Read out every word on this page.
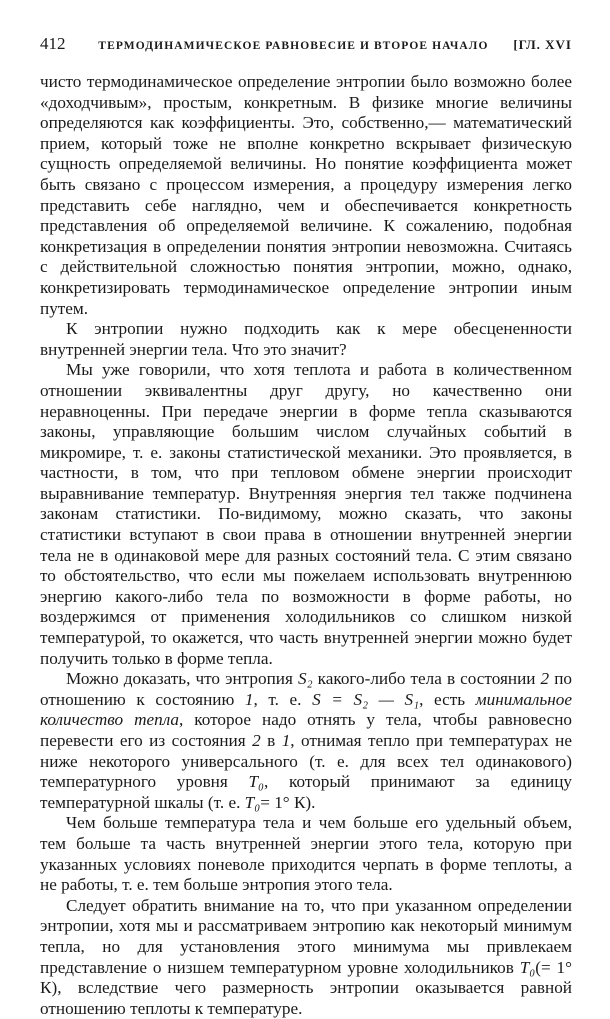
412	ТЕРМОДИНАМИЧЕСКОЕ РАВНОВЕСИЕ И ВТОРОЕ НАЧАЛО	[ГЛ. XVI

чисто термодинамическое определение энтропии было возможно более «доходчивым», простым, конкретным. В физике многие величины определяются как коэффициенты. Это, собственно,— математический прием, который тоже не вполне конкретно вскрывает физическую сущность определяемой величины. Но понятие коэффициента может быть связано с процессом измерения, а процедуру измерения легко представить себе наглядно, чем и обеспечивается конкретность представления об определяемой величине. К сожалению, подобная конкретизация в определении понятия энтропии невозможна. Считаясь с действительной сложностью понятия энтропии, можно, однако, конкретизировать термодинамическое определение энтропии иным путем.

К энтропии нужно подходить как к мере обесцененности внутренней энергии тела. Что это значит?

Мы уже говорили, что хотя теплота и работа в количественном отношении эквивалентны друг другу, но качественно они неравноценны. При передаче энергии в форме тепла сказываются законы, управляющие большим числом случайных событий в микромире, т. е. законы статистической механики. Это проявляется, в частности, в том, что при тепловом обмене энергии происходит выравнивание температур. Внутренняя энергия тел также подчинена законам статистики. По-видимому, можно сказать, что законы статистики вступают в свои права в отношении внутренней энергии тела не в одинаковой мере для разных состояний тела. С этим связано то обстоятельство, что если мы пожелаем использовать внутреннюю энергию какого-либо тела по возможности в форме работы, но воздержимся от применения холодильников со слишком низкой температурой, то окажется, что часть внутренней энергии можно будет получить только в форме тепла.

Можно доказать, что энтропия S₂ какого-либо тела в состоянии 2 по отношению к состоянию 1, т. е. S = S₂ — S₁, есть минимальное количество тепла, которое надо отнять у тела, чтобы равновесно перевести его из состояния 2 в 1, отнимая тепло при температурах не ниже некоторого универсального (т. е. для всех тел одинакового) температурного уровня T₀, который принимают за единицу температурной шкалы (т. е. T₀= 1° К).

Чем больше температура тела и чем больше его удельный объем, тем больше та часть внутренней энергии этого тела, которую при указанных условиях поневоле приходится черпать в форме теплоты, а не работы, т. е. тем больше энтропия этого тела.

Следует обратить внимание на то, что при указанном определении энтропии, хотя мы и рассматриваем энтропию как некоторый минимум тепла, но для установления этого минимума мы привлекаем представление о низшем температурном уровне холодильников T₀(= 1° К), вследствие чего размерность энтропии оказывается равной отношению теплоты к температуре.
